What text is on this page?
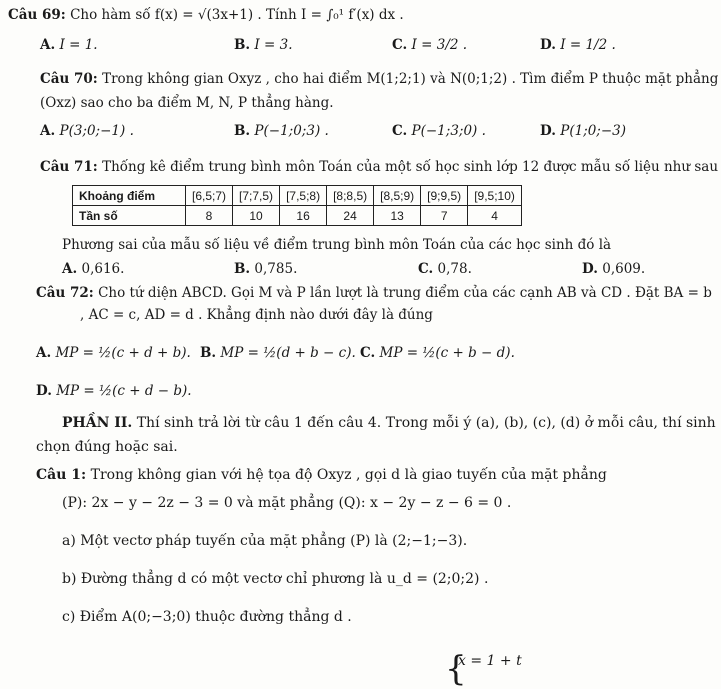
Câu 69: Cho hàm số f(x) = √(3x+1) . Tính I = ∫₀¹ f′(x) dx .
A. I = 1.	B. I = 3.	C. I = 3/2 .	D. I = 1/2 .
Câu 70: Trong không gian Oxyz , cho hai điểm M(1;2;1) và N(0;1;2) . Tìm điểm P thuộc mặt phẳng
(Oxz) sao cho ba điểm M, N, P thẳng hàng.
A. P(3;0;−1) .	B. P(−1;0;3) .	C. P(−1;3;0) .	D. P(1;0;−3)
Câu 71: Thống kê điểm trung bình môn Toán của một số học sinh lớp 12 được mẫu số liệu như sau
Khoảng điểm	[6,5;7)	[7;7,5)	[7,5;8)	[8;8,5)	[8,5;9)	[9;9,5)	[9,5;10)
Tần số	8	10	16	24	13	7	4
Phương sai của mẫu số liệu về điểm trung bình môn Toán của các học sinh đó là
A. 0,616.	B. 0,785.	C. 0,78.	D. 0,609.
Câu 72: Cho tứ diện ABCD. Gọi M và P lần lượt là trung điểm của các cạnh AB và CD . Đặt BA = b
, AC = c, AD = d . Khẳng định nào dưới đây là đúng
A. MP = ½(c + d + b). B. MP = ½(d + b − c). C. MP = ½(c + b − d).
D. MP = ½(c + d − b).
PHẦN II. Thí sinh trả lời từ câu 1 đến câu 4. Trong mỗi ý (a), (b), (c), (d) ở mỗi câu, thí sinh
chọn đúng hoặc sai.
Câu 1: Trong không gian với hệ tọa độ Oxyz , gọi d là giao tuyến của mặt phẳng
(P): 2x − y − 2z − 3 = 0 và mặt phẳng (Q): x − 2y − z − 6 = 0 .
a) Một vectơ pháp tuyến của mặt phẳng (P) là (2;−1;−3).
b) Đường thẳng d có một vectơ chỉ phương là u_d = (2;0;2) .
c) Điểm A(0;−3;0) thuộc đường thẳng d .
{
x = 1 + t
